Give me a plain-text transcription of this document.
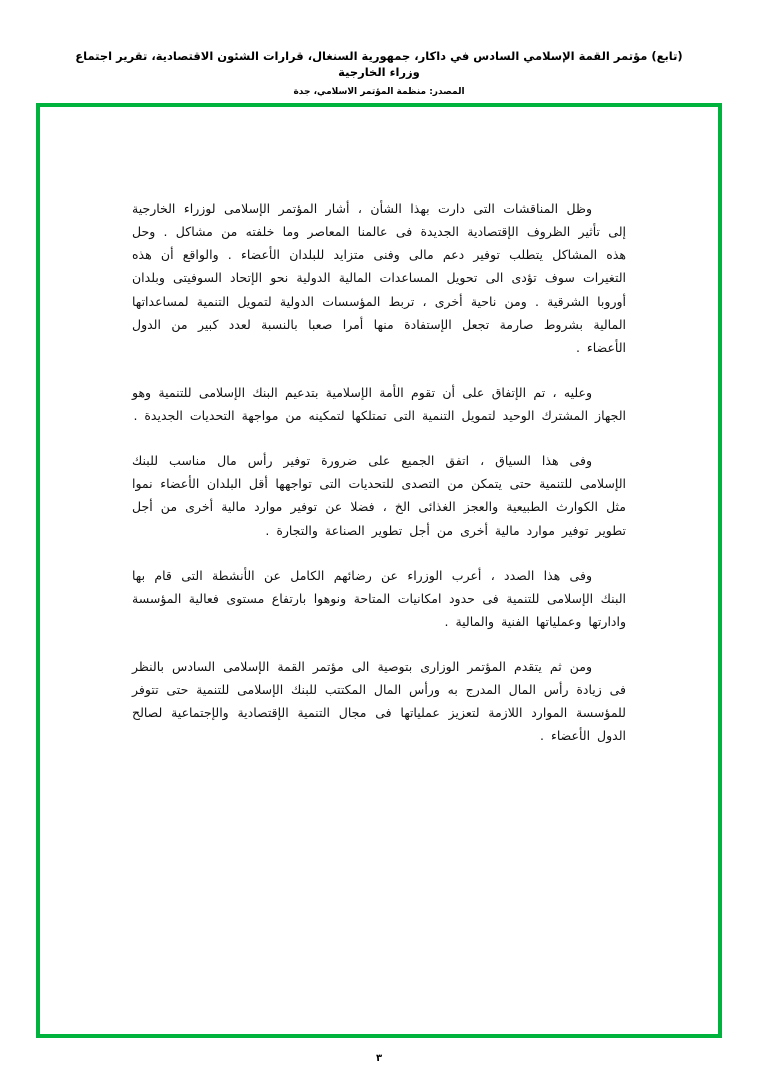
(تابع) مؤتمر القمة الإسلامي السادس في داكار، جمهورية السنغال، قرارات الشئون الاقتصادية، تقرير اجتماع وزراء الخارجية
المصدر: منظمة المؤتمر الاسلامي، جدة

وظل المناقشات التى دارت بهذا الشأن ، أشار المؤتمر الإسلامى لوزراء الخارجية إلى تأثير الظروف الإقتصادية الجديدة فى عالمنا المعاصر وما خلفته من مشاكل . وحل هذه المشاكل يتطلب توفير دعم مالى وفنى متزايد للبلدان الأعضاء . والواقع أن هذه التغيرات سوف تؤدى الى تحويل المساعدات المالية الدولية نحو الإتحاد السوفيتى وبلدان أوروبا الشرقية . ومن ناحية أخرى ، تربط المؤسسات الدولية لتمويل التنمية لمساعداتها المالية بشروط صارمة تجعل الإستفادة منها أمرا صعبا بالنسبة لعدد كبير من الدول الأعضاء .

وعليه ، تم الإتفاق على أن تقوم الأمة الإسلامية بتدعيم البنك الإسلامى للتنمية وهو الجهاز المشترك الوحيد لتمويل التنمية التى تمتلكها لتمكينه من مواجهة التحديات الجديدة .

وفى هذا السياق ، اتفق الجميع على ضرورة توفير رأس مال مناسب للبنك الإسلامى للتنمية حتى يتمكن من التصدى للتحديات التى تواجهها أقل البلدان الأعضاء نموا مثل الكوارث الطبيعية والعجز الغذائى الخ ، فضلا عن توفير موارد مالية أخرى من أجل تطوير توفير موارد مالية أخرى من أجل تطوير الصناعة والتجارة .

وفى هذا الصدد ، أعرب الوزراء عن رضائهم الكامل عن الأنشطة التى قام بها البنك الإسلامى للتنمية فى حدود امكانيات المتاحة ونوهوا بارتفاع مستوى فعالية المؤسسة وادارتها وعملياتها الفنية والمالية .

ومن ثم يتقدم المؤتمر الوزارى بتوصية الى مؤتمر القمة الإسلامى السادس بالنظر فى زيادة رأس المال المدرج به ورأس المال المكتتب للبنك الإسلامى للتنمية حتى تتوفر للمؤسسة الموارد اللازمة لتعزيز عملياتها فى مجال التنمية الإقتصادية والإجتماعية لصالح الدول الأعضاء .

٣
